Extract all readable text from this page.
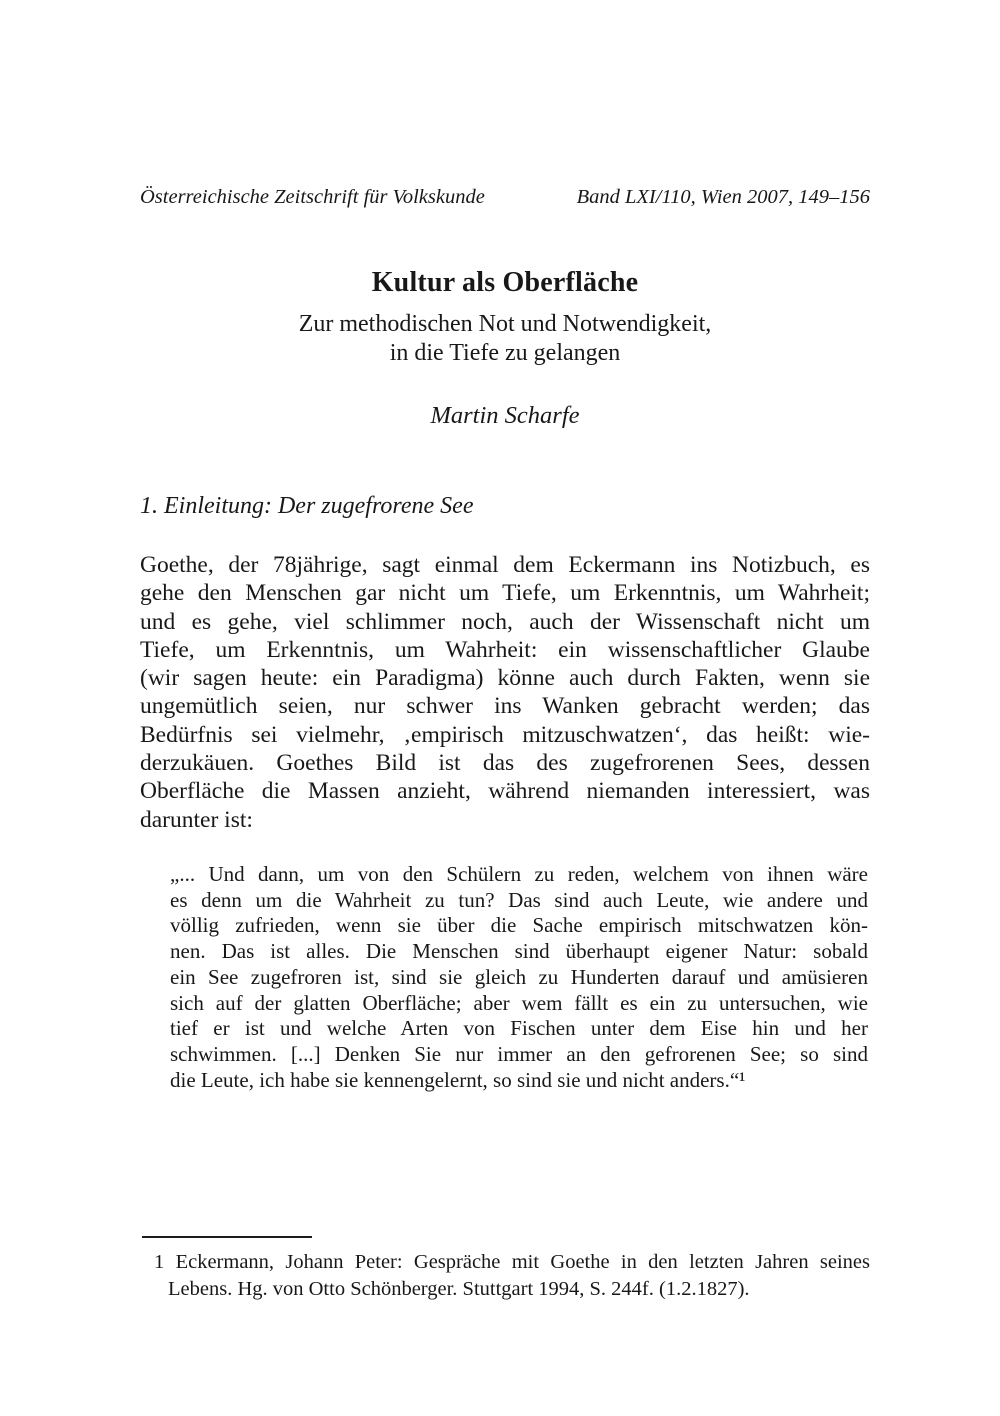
Österreichische Zeitschrift für Volkskunde	Band LXI/110, Wien 2007, 149–156
Kultur als Oberfläche
Zur methodischen Not und Notwendigkeit,
in die Tiefe zu gelangen
Martin Scharfe
1. Einleitung: Der zugefrorene See
Goethe, der 78jährige, sagt einmal dem Eckermann ins Notizbuch, es
gehe den Menschen gar nicht um Tiefe, um Erkenntnis, um Wahrheit;
und es gehe, viel schlimmer noch, auch der Wissenschaft nicht um
Tiefe, um Erkenntnis, um Wahrheit: ein wissenschaftlicher Glaube
(wir sagen heute: ein Paradigma) könne auch durch Fakten, wenn sie
ungemütlich seien, nur schwer ins Wanken gebracht werden; das
Bedürfnis sei vielmehr, ‚empirisch mitzuschwatzen‘, das heißt: wie-
derzukäuen. Goethes Bild ist das des zugefrorenen Sees, dessen
Oberfläche die Massen anzieht, während niemanden interessiert, was
darunter ist:
„... Und dann, um von den Schülern zu reden, welchem von ihnen wäre
es denn um die Wahrheit zu tun? Das sind auch Leute, wie andere und
völlig zufrieden, wenn sie über die Sache empirisch mitschwatzen kön-
nen. Das ist alles. Die Menschen sind überhaupt eigener Natur: sobald
ein See zugefroren ist, sind sie gleich zu Hunderten darauf und amüsieren
sich auf der glatten Oberfläche; aber wem fällt es ein zu untersuchen, wie
tief er ist und welche Arten von Fischen unter dem Eise hin und her
schwimmen. [...] Denken Sie nur immer an den gefrorenen See; so sind
die Leute, ich habe sie kennengelernt, so sind sie und nicht anders.“¹
1 Eckermann, Johann Peter: Gespräche mit Goethe in den letzten Jahren seines
Lebens. Hg. von Otto Schönberger. Stuttgart 1994, S. 244f. (1.2.1827).
